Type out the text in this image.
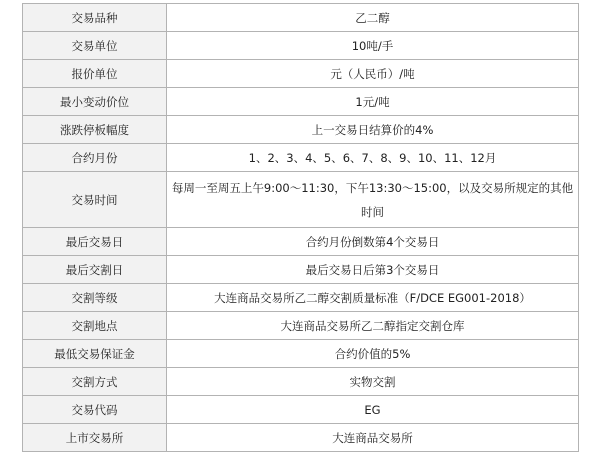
交易品种	乙二醇
交易单位	10吨/手
报价单位	元（人民币）/吨
最小变动价位	1元/吨
涨跌停板幅度	上一交易日结算价的4%
合约月份	1、2、3、4、5、6、7、8、9、10、11、12月
交易时间	每周一至周五上午9:00～11:30，下午13:30～15:00，以及交易所规定的其他时间
最后交易日	合约月份倒数第4个交易日
最后交割日	最后交易日后第3个交易日
交割等级	大连商品交易所乙二醇交割质量标准（F/DCE EG001-2018）
交割地点	大连商品交易所乙二醇指定交割仓库
最低交易保证金	合约价值的5%
交割方式	实物交割
交易代码	EG
上市交易所	大连商品交易所
